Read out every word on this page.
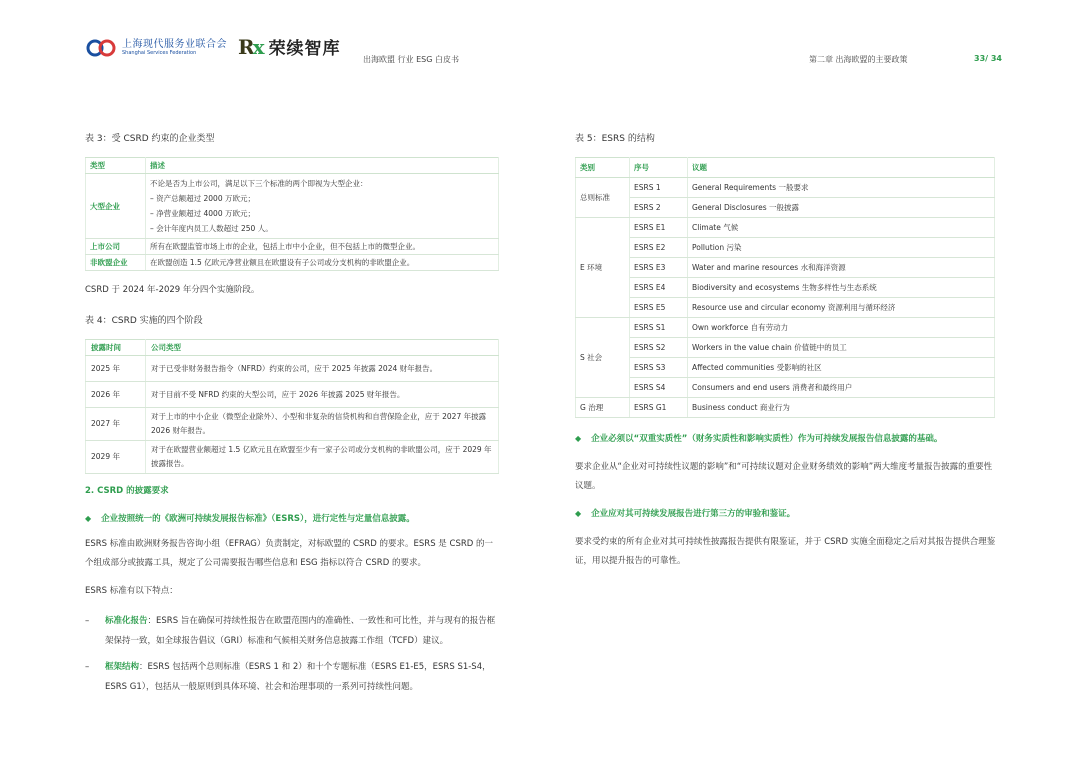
上海现代服务业联合会
Shanghai Services Federation	Rx 荣续智库
出海欧盟 行业 ESG 白皮书	第二章 出海欧盟的主要政策	33/ 34
表 3：受 CSRD 约束的企业类型
类型	描述
大型企业	不论是否为上市公司，满足以下三个标准的两个即视为大型企业：
– 资产总额超过 2000 万欧元；
– 净营业额超过 4000 万欧元；
– 会计年度内员工人数超过 250 人。

上市公司	所有在欧盟监管市场上市的企业，包括上市中小企业，但不包括上市的微型企业。
非欧盟企业	在欧盟创造 1.5 亿欧元净营业额且在欧盟设有子公司或分支机构的非欧盟企业。
CSRD 于 2024 年-2029 年分四个实施阶段。
表 4：CSRD 实施的四个阶段
披露时间	公司类型
2025 年	对于已受非财务报告指令（NFRD）约束的公司，应于 2025 年披露 2024 财年报告。
2026 年	对于目前不受 NFRD 约束的大型公司，应于 2026 年披露 2025 财年报告。
2027 年	对于上市的中小企业（微型企业除外）、小型和非复杂的信贷机构和自营保险企业，应于 2027 年披露 2026 财年报告。
2029 年	对于在欧盟营业额超过 1.5 亿欧元且在欧盟至少有一家子公司或分支机构的非欧盟公司，应于 2029 年披露报告。
2. CSRD 的披露要求
◆ 企业按照统一的《欧洲可持续发展报告标准》（ESRS），进行定性与定量信息披露。
ESRS 标准由欧洲财务报告咨询小组（EFRAG）负责制定，对标欧盟的 CSRD 的要求。ESRS 是 CSRD 的一个组成部分或披露工具，规定了公司需要报告哪些信息和 ESG 指标以符合 CSRD 的要求。
ESRS 标准有以下特点：
– 标准化报告：ESRS 旨在确保可持续性报告在欧盟范围内的准确性、一致性和可比性，并与现有的报告框架保持一致，如全球报告倡议（GRI）标准和气候相关财务信息披露工作组（TCFD）建议。
– 框架结构：ESRS 包括两个总则标准（ESRS 1 和 2）和十个专题标准（ESRS E1-E5，ESRS S1-S4，ESRS G1），包括从一般原则到具体环境、社会和治理事项的一系列可持续性问题。
表 5：ESRS 的结构
类别	序号	议题
总则标准	ESRS 1	General Requirements 一般要求
	ESRS 2	General Disclosures 一般披露
E 环境	ESRS E1	Climate 气候
	ESRS E2	Pollution 污染
	ESRS E3	Water and marine resources 水和海洋资源
	ESRS E4	Biodiversity and ecosystems 生物多样性与生态系统
	ESRS E5	Resource use and circular economy 资源利用与循环经济
S 社会	ESRS S1	Own workforce 自有劳动力
	ESRS S2	Workers in the value chain 价值链中的员工
	ESRS S3	Affected communities 受影响的社区
	ESRS S4	Consumers and end users 消费者和最终用户
G 治理	ESRS G1	Business conduct 商业行为
◆ 企业必须以“双重实质性”（财务实质性和影响实质性）作为可持续发展报告信息披露的基础。
要求企业从“企业对可持续性议题的影响”和“可持续议题对企业财务绩效的影响”两大维度考量报告披露的重要性议题。
◆ 企业应对其可持续发展报告进行第三方的审验和鉴证。
要求受约束的所有企业对其可持续性披露报告提供有限鉴证，并于 CSRD 实施全面稳定之后对其报告提供合理鉴证，用以提升报告的可靠性。
